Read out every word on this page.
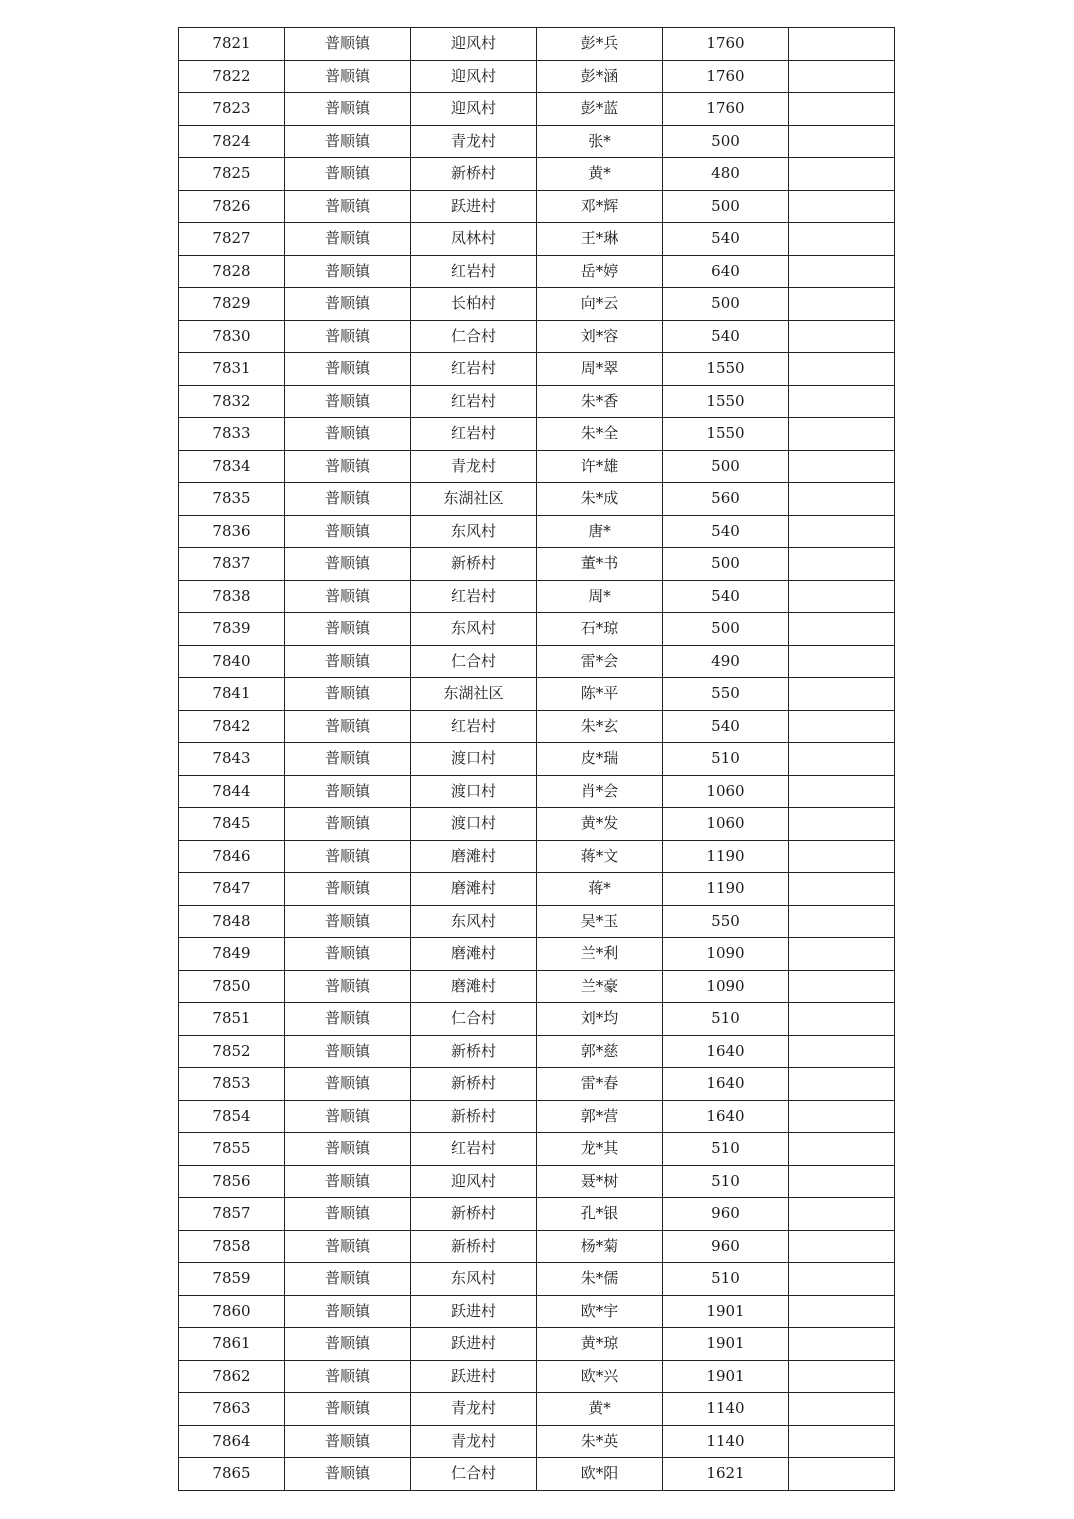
7821	普顺镇	迎风村	彭*兵	1760	
7822	普顺镇	迎风村	彭*涵	1760	
7823	普顺镇	迎风村	彭*蓝	1760	
7824	普顺镇	青龙村	张*	500	
7825	普顺镇	新桥村	黄*	480	
7826	普顺镇	跃进村	邓*辉	500	
7827	普顺镇	凤林村	王*琳	540	
7828	普顺镇	红岩村	岳*婷	640	
7829	普顺镇	长柏村	向*云	500	
7830	普顺镇	仁合村	刘*容	540	
7831	普顺镇	红岩村	周*翠	1550	
7832	普顺镇	红岩村	朱*香	1550	
7833	普顺镇	红岩村	朱*全	1550	
7834	普顺镇	青龙村	许*雄	500	
7835	普顺镇	东湖社区	朱*成	560	
7836	普顺镇	东风村	唐*	540	
7837	普顺镇	新桥村	董*书	500	
7838	普顺镇	红岩村	周*	540	
7839	普顺镇	东风村	石*琼	500	
7840	普顺镇	仁合村	雷*会	490	
7841	普顺镇	东湖社区	陈*平	550	
7842	普顺镇	红岩村	朱*玄	540	
7843	普顺镇	渡口村	皮*瑞	510	
7844	普顺镇	渡口村	肖*会	1060	
7845	普顺镇	渡口村	黄*发	1060	
7846	普顺镇	磨滩村	蒋*文	1190	
7847	普顺镇	磨滩村	蒋*	1190	
7848	普顺镇	东风村	吴*玉	550	
7849	普顺镇	磨滩村	兰*利	1090	
7850	普顺镇	磨滩村	兰*豪	1090	
7851	普顺镇	仁合村	刘*均	510	
7852	普顺镇	新桥村	郭*慈	1640	
7853	普顺镇	新桥村	雷*春	1640	
7854	普顺镇	新桥村	郭*营	1640	
7855	普顺镇	红岩村	龙*其	510	
7856	普顺镇	迎风村	聂*树	510	
7857	普顺镇	新桥村	孔*银	960	
7858	普顺镇	新桥村	杨*菊	960	
7859	普顺镇	东风村	朱*儒	510	
7860	普顺镇	跃进村	欧*宇	1901	
7861	普顺镇	跃进村	黄*琼	1901	
7862	普顺镇	跃进村	欧*兴	1901	
7863	普顺镇	青龙村	黄*	1140	
7864	普顺镇	青龙村	朱*英	1140	
7865	普顺镇	仁合村	欧*阳	1621	
